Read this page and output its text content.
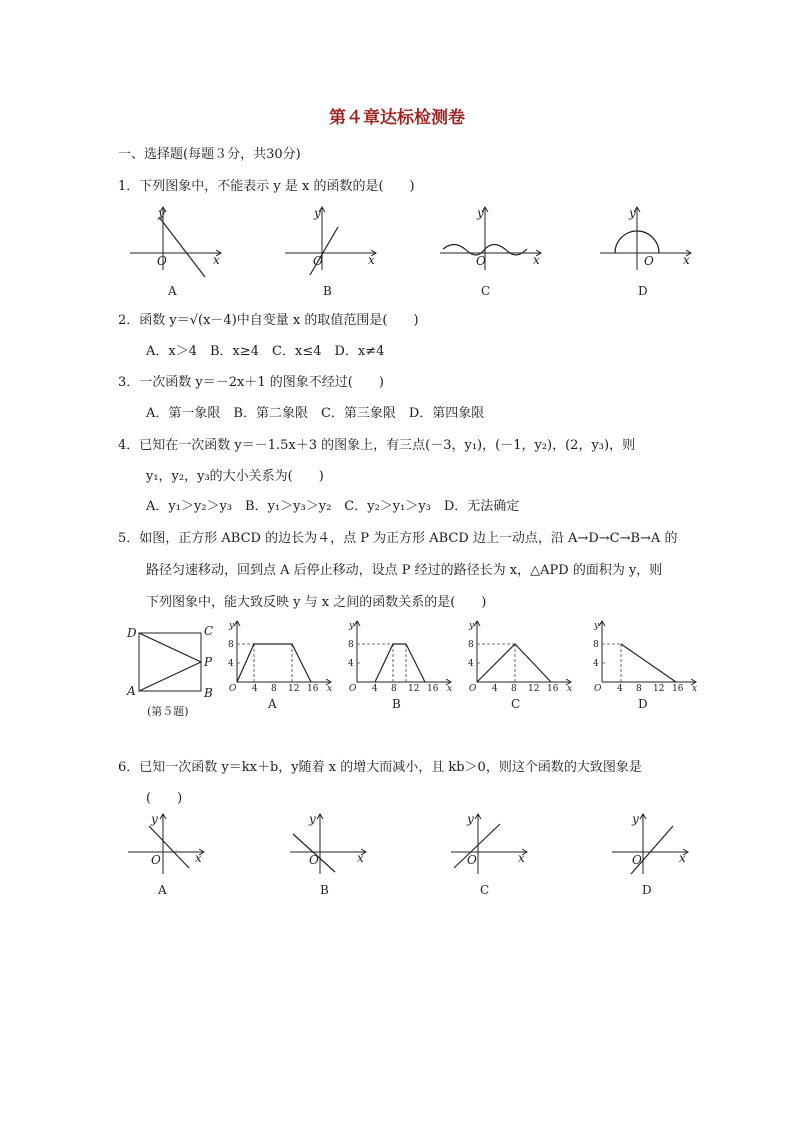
第４章达标检测卷
一、选择题(每题３分，共30分)
1．下列图象中，不能表示 y 是 x 的函数的是(　　)
y
x
O
A
y
x
O
B
y
x
O
C
y
x
O
D
2．函数 y＝√(x－4)中自变量 x 的取值范围是(　　)
A．x＞4　B．x≥4　C．x≤4　D．x≠4
3．一次函数 y＝－2x＋1 的图象不经过(　　)
A．第一象限　B．第二象限　C．第三象限　D．第四象限
4．已知在一次函数 y＝－1.5x＋3 的图象上，有三点(－3，y₁)，(－1，y₂)，(2，y₃)，则
y₁，y₂，y₃的大小关系为(　　)
A．y₁＞y₂＞y₃　B．y₁＞y₃＞y₂　C．y₂＞y₁＞y₃　D．无法确定
5．如图，正方形 ABCD 的边长为４，点 P 为正方形 ABCD 边上一动点，沿 A→D→C→B→A 的
路径匀速移动，回到点 A 后停止移动，设点 P 经过的路径长为 x，△APD 的面积为 y，则
下列图象中，能大致反映 y 与 x 之间的函数关系的是(　　)
D	C
P
A	B
(第５题)
y
x
8
4
O 4 8 12 16
A
y
x
8
4
O 4 8 12 16
B
y
x
8
4
O 4 8 12 16
C
y
x
8
4
O 4 8 12 16
D
6．已知一次函数 y＝kx＋b，y随着 x 的增大而减小，且 kb＞0，则这个函数的大致图象是
(　　)
y
x
O
A
y
x
O
B
y
x
O
C
y
x
O
D
